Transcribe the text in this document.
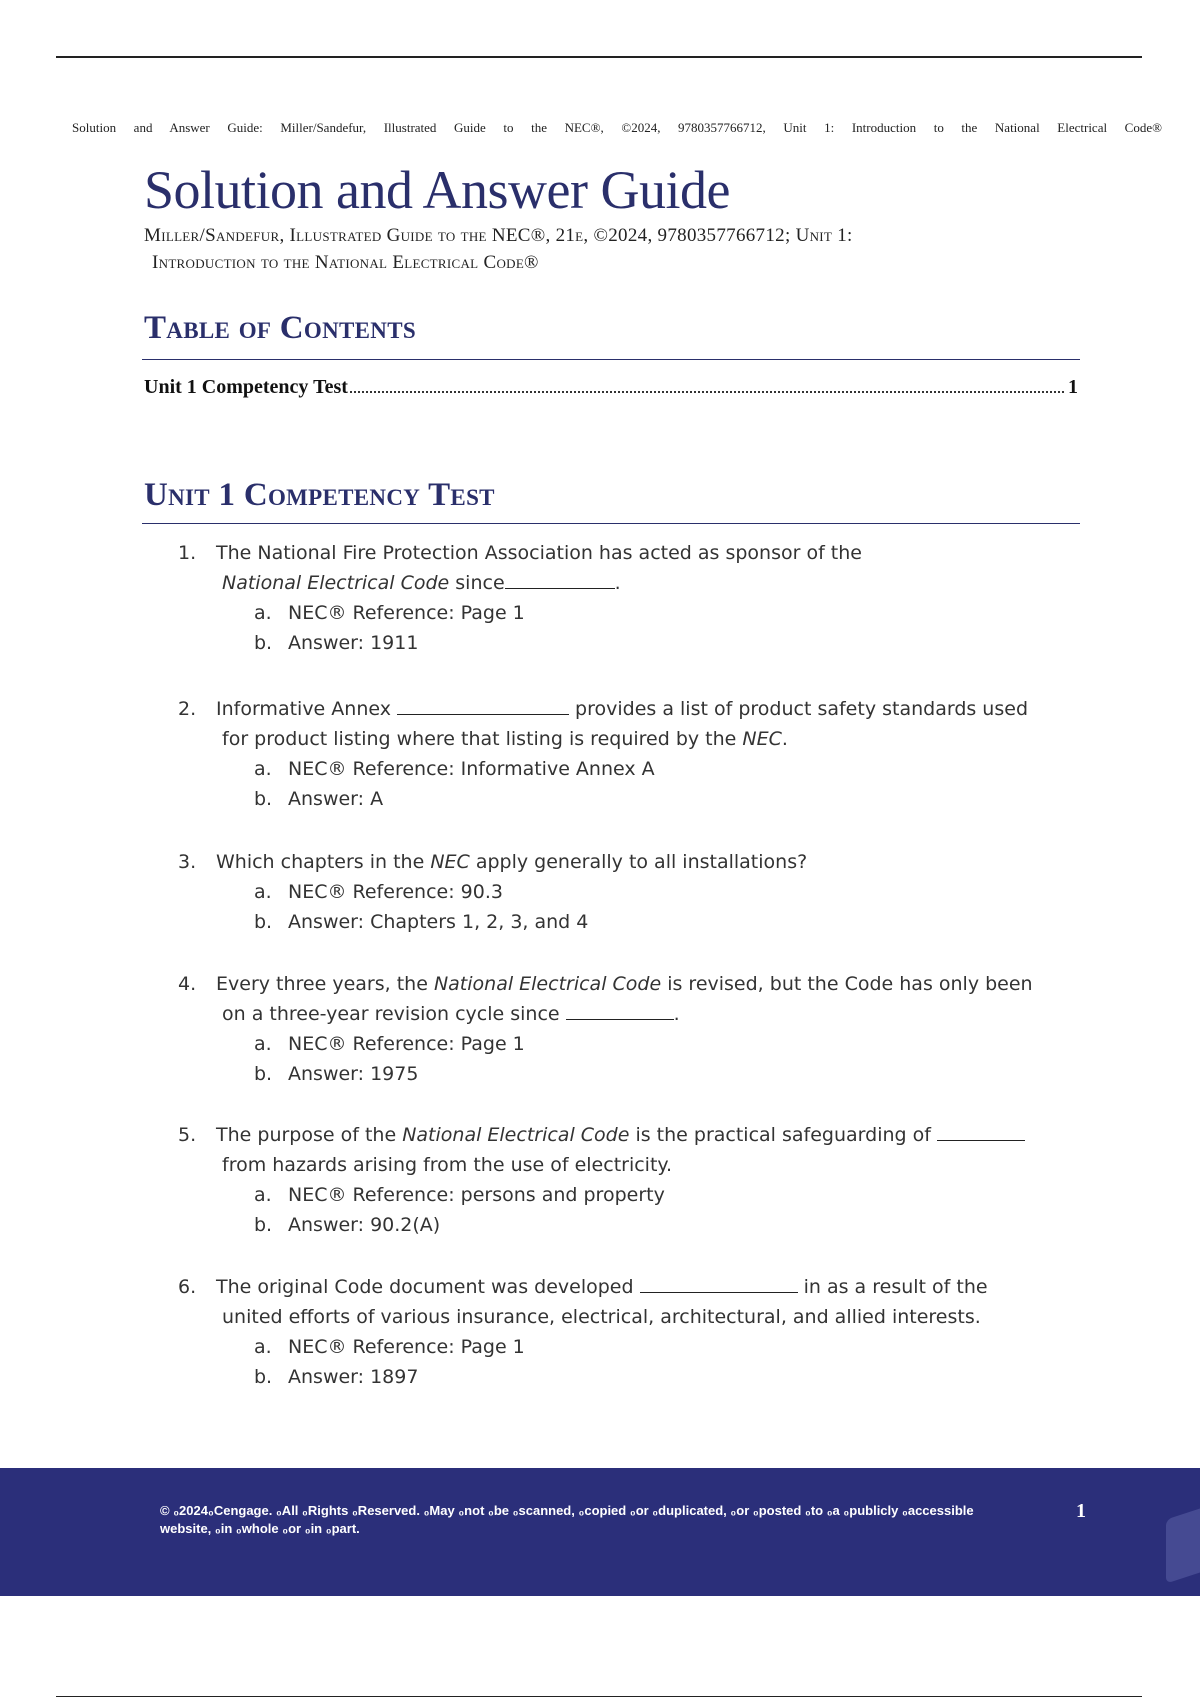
Solution and Answer Guide: Miller/Sandefur, Illustrated Guide to the NEC®, ©2024, 9780357766712, Unit 1: Introduction to the National Electrical Code®
Solution and Answer Guide
Miller/Sandefur, Illustrated Guide to the NEC®, 21e, ©2024, 9780357766712; Unit 1:
Introduction to the National Electrical Code®
Table of Contents
Unit 1 Competency Test	1
Unit 1 Competency Test
1.	The National Fire Protection Association has acted as sponsor of the
National Electrical Code since	.
a. NEC® Reference: Page 1
b. Answer: 1911
2.	Informative Annex	provides a list of product safety standards used
for product listing where that listing is required by the NEC.
a. NEC® Reference: Informative Annex A
b. Answer: A
3.	Which chapters in the NEC apply generally to all installations?
a. NEC® Reference: 90.3
b. Answer: Chapters 1, 2, 3, and 4
4.	Every three years, the National Electrical Code is revised, but the Code has only been
on a three-year revision cycle since	.
a. NEC® Reference: Page 1
b. Answer: 1975
5.	The purpose of the National Electrical Code is the practical safeguarding of
from hazards arising from the use of electricity.
a. NEC® Reference: persons and property
b. Answer: 90.2(A)
6.	The original Code document was developed	in as a result of the
united efforts of various insurance, electrical, architectural, and allied interests.
a. NEC® Reference: Page 1
b. Answer: 1897
© ₀2024₀Cengage. ₀All ₀Rights ₀Reserved. ₀May ₀not ₀be ₀scanned, ₀copied ₀or ₀duplicated, ₀or ₀posted ₀to ₀a ₀publicly ₀accessible website, ₀in ₀whole ₀or ₀in ₀part.
1
